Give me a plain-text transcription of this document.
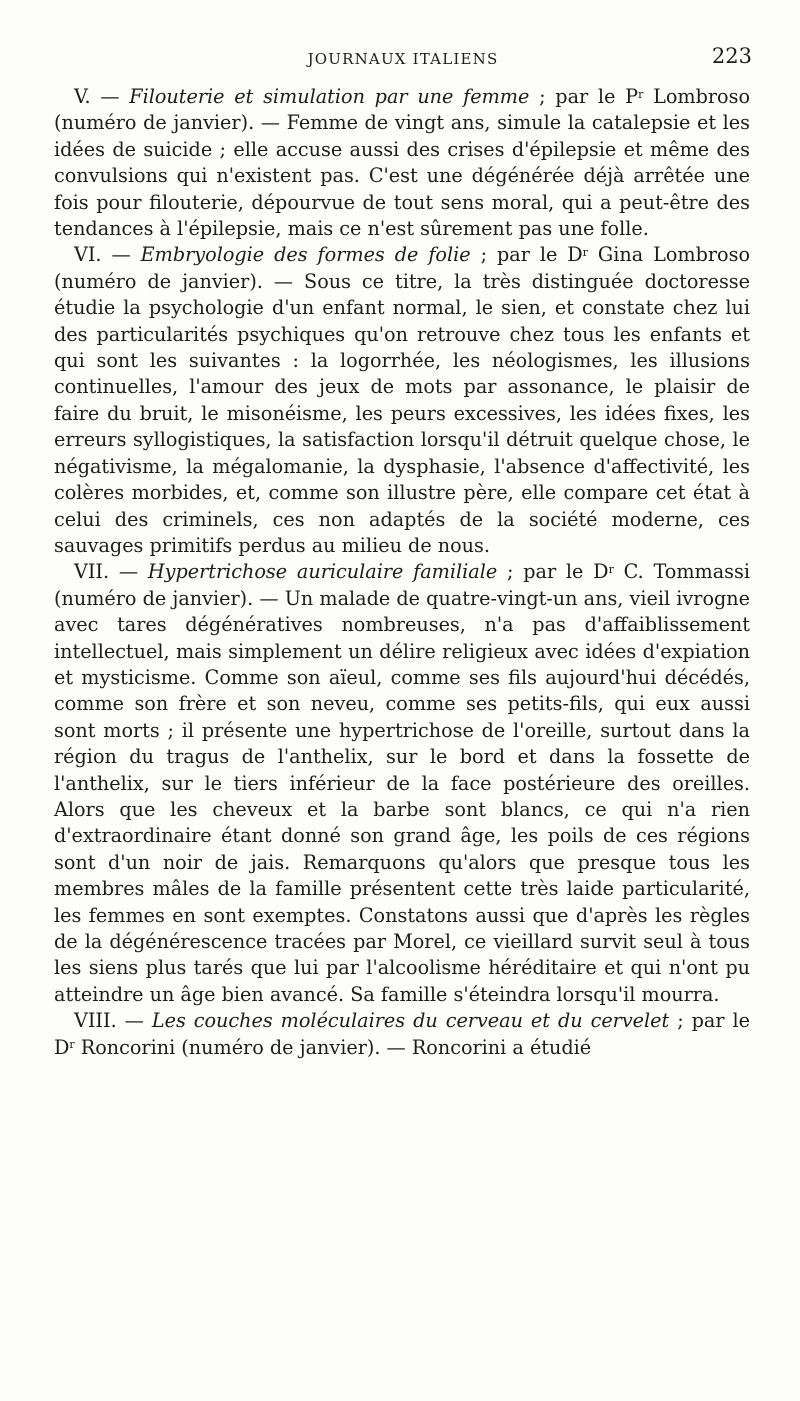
JOURNAUX ITALIENS	223

V. — Filouterie et simulation par une femme ; par le $P^r$ Lombroso (numéro de janvier). — Femme de vingt ans, simule la catalepsie et les idées de suicide ; elle accuse aussi des crises d'épilepsie et même des convulsions qui n'existent pas. C'est une dégénérée déjà arrêtée une fois pour filouterie, dépourvue de tout sens moral, qui a peut-être des tendances à l'épilepsie, mais ce n'est sûrement pas une folle.

VI. — Embryologie des formes de folie ; par le $D^r$ Gina Lombroso (numéro de janvier). — Sous ce titre, la très distinguée doctoresse étudie la psychologie d'un enfant normal, le sien, et constate chez lui des particularités psychiques qu'on retrouve chez tous les enfants et qui sont les suivantes : la logorrhée, les néologismes, les illusions continuelles, l'amour des jeux de mots par assonance, le plaisir de faire du bruit, le misonéisme, les peurs excessives, les idées fixes, les erreurs syllogistiques, la satisfaction lorsqu'il détruit quelque chose, le négativisme, la mégalomanie, la dysphasie, l'absence d'affectivité, les colères morbides, et, comme son illustre père, elle compare cet état à celui des criminels, ces non adaptés de la société moderne, ces sauvages primitifs perdus au milieu de nous.

VII. — Hypertrichose auriculaire familiale ; par le $D^r$ C. Tommassi (numéro de janvier). — Un malade de quatre-vingt-un ans, vieil ivrogne avec tares dégénératives nombreuses, n'a pas d'affaiblissement intellectuel, mais simplement un délire religieux avec idées d'expiation et mysticisme. Comme son aïeul, comme ses fils aujourd'hui décédés, comme son frère et son neveu, comme ses petits-fils, qui eux aussi sont morts ; il présente une hypertrichose de l'oreille, surtout dans la région du tragus de l'anthelix, sur le bord et dans la fossette de l'anthelix, sur le tiers inférieur de la face postérieure des oreilles. Alors que les cheveux et la barbe sont blancs, ce qui n'a rien d'extraordinaire étant donné son grand âge, les poils de ces régions sont d'un noir de jais. Remarquons qu'alors que presque tous les membres mâles de la famille présentent cette très laide particularité, les femmes en sont exemptes. Constatons aussi que d'après les règles de la dégénérescence tracées par Morel, ce vieillard survit seul à tous les siens plus tarés que lui par l'alcoolisme héréditaire et qui n'ont pu atteindre un âge bien avancé. Sa famille s'éteindra lorsqu'il mourra.

VIII. — Les couches moléculaires du cerveau et du cervelet ; par le $D^r$ Roncorini (numéro de janvier). — Roncorini a étudié
